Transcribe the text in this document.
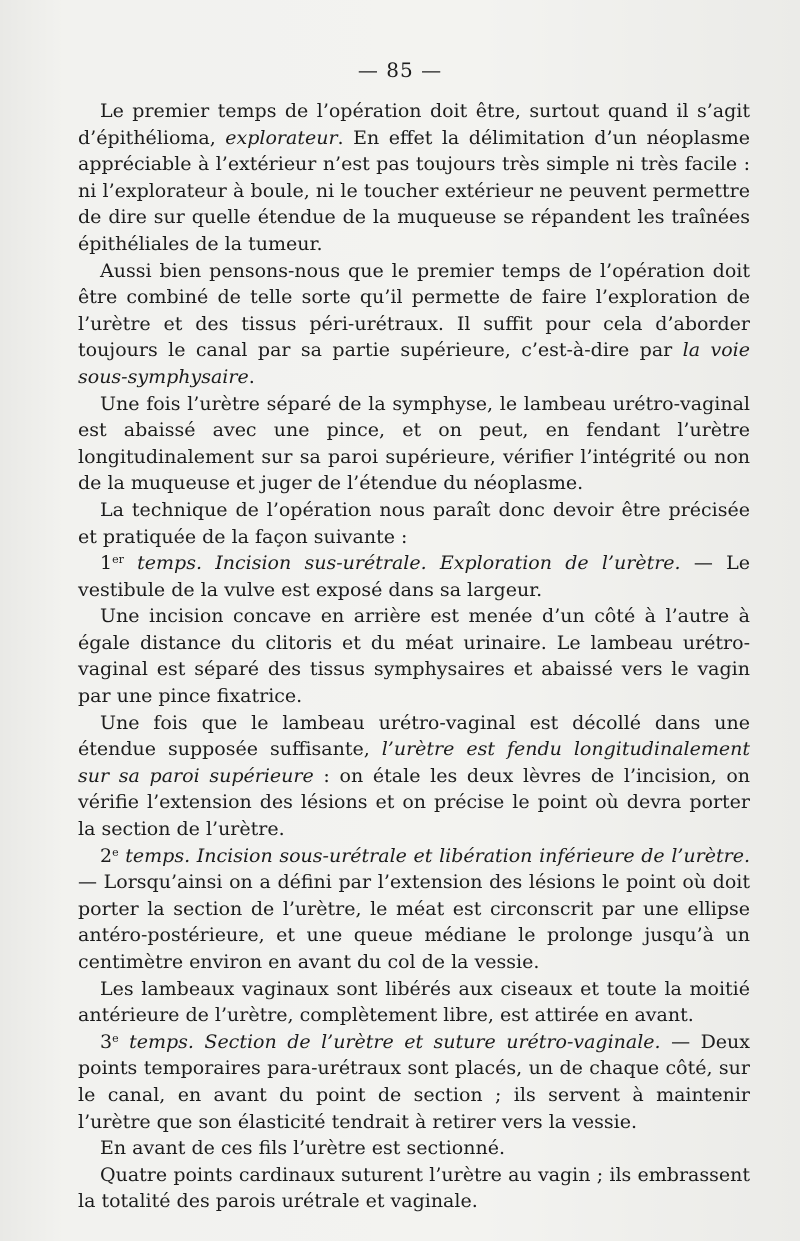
— 85 —

Le premier temps de l’opération doit être, surtout quand il s’agit d’épithélioma, explorateur. En effet la délimitation d’un néoplasme appréciable à l’extérieur n’est pas toujours très simple ni très facile : ni l’explorateur à boule, ni le toucher extérieur ne peuvent permettre de dire sur quelle étendue de la muqueuse se répandent les traînées épithéliales de la tumeur.

Aussi bien pensons-nous que le premier temps de l’opération doit être combiné de telle sorte qu’il permette de faire l’exploration de l’urètre et des tissus péri-urétraux. Il suffit pour cela d’aborder toujours le canal par sa partie supérieure, c’est-à-dire par la voie sous-symphysaire.

Une fois l’urètre séparé de la symphyse, le lambeau urétro-vaginal est abaissé avec une pince, et on peut, en fendant l’urètre longitudinalement sur sa paroi supérieure, vérifier l’intégrité ou non de la muqueuse et juger de l’étendue du néoplasme.

La technique de l’opération nous paraît donc devoir être précisée et pratiquée de la façon suivante :

1er temps. Incision sus-urétrale. Exploration de l’urètre. — Le vestibule de la vulve est exposé dans sa largeur.

Une incision concave en arrière est menée d’un côté à l’autre à égale distance du clitoris et du méat urinaire. Le lambeau urétro-vaginal est séparé des tissus symphysaires et abaissé vers le vagin par une pince fixatrice.

Une fois que le lambeau urétro-vaginal est décollé dans une étendue supposée suffisante, l’urètre est fendu longitudinalement sur sa paroi supérieure : on étale les deux lèvres de l’incision, on vérifie l’extension des lésions et on précise le point où devra porter la section de l’urètre.

2e temps. Incision sous-urétrale et libération inférieure de l’urètre. — Lorsqu’ainsi on a défini par l’extension des lésions le point où doit porter la section de l’urètre, le méat est circonscrit par une ellipse antéro-postérieure, et une queue médiane le prolonge jusqu’à un centimètre environ en avant du col de la vessie.

Les lambeaux vaginaux sont libérés aux ciseaux et toute la moitié antérieure de l’urètre, complètement libre, est attirée en avant.

3e temps. Section de l’urètre et suture urétro-vaginale. — Deux points temporaires para-urétraux sont placés, un de chaque côté, sur le canal, en avant du point de section ; ils servent à maintenir l’urètre que son élasticité tendrait à retirer vers la vessie.

En avant de ces fils l’urètre est sectionné.

Quatre points cardinaux suturent l’urètre au vagin ; ils embrassent la totalité des parois urétrale et vaginale.
